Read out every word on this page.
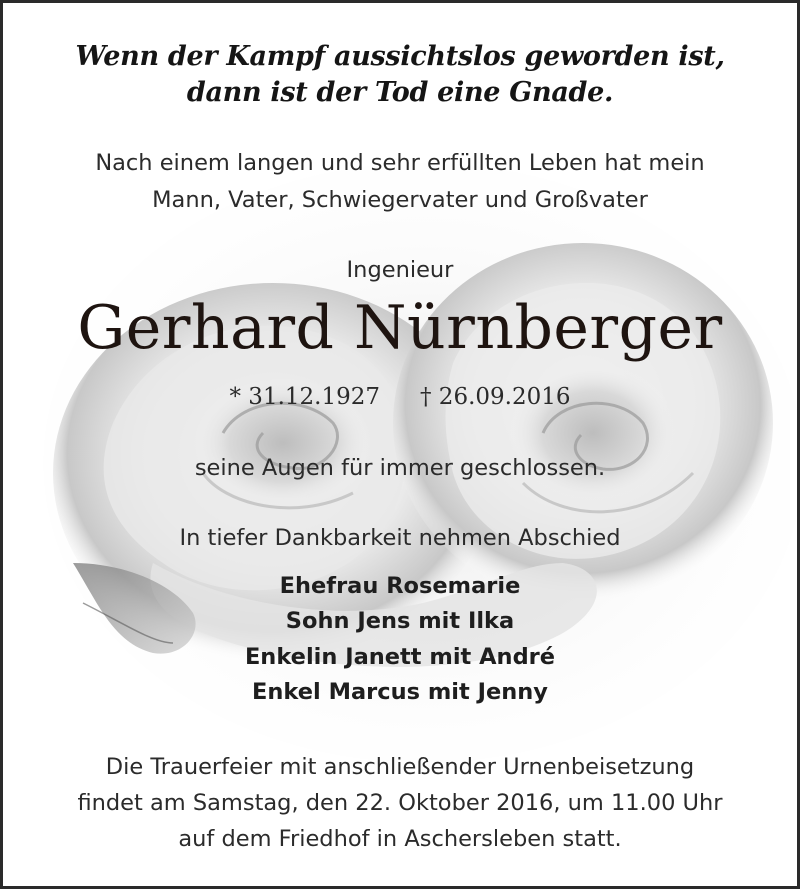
Wenn der Kampf aussichtslos geworden ist,
dann ist der Tod eine Gnade.
Nach einem langen und sehr erfüllten Leben hat mein
Mann, Vater, Schwiegervater und Großvater
Ingenieur
Gerhard Nürnberger
* 31.12.1927 † 26.09.2016
seine Augen für immer geschlossen.
In tiefer Dankbarkeit nehmen Abschied
Ehefrau Rosemarie
Sohn Jens mit Ilka
Enkelin Janett mit André
Enkel Marcus mit Jenny
Die Trauerfeier mit anschließender Urnenbeisetzung
findet am Samstag, den 22. Oktober 2016, um 11.00 Uhr
auf dem Friedhof in Aschersleben statt.
